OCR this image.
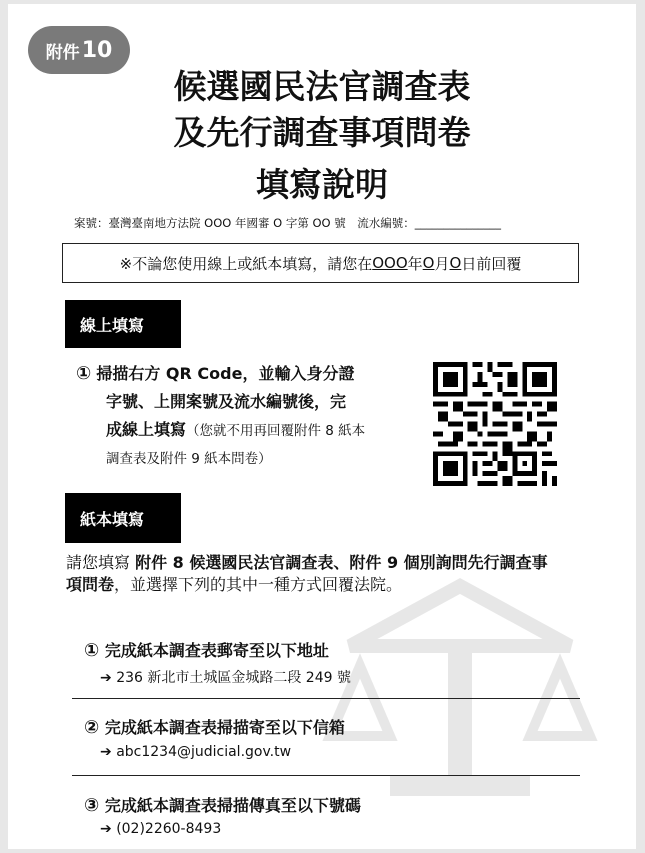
附件 10
候選國民法官調查表
及先行調查事項問卷
填寫說明
案號：臺灣臺南地方法院 OOO 年國審 O 字第 OO 號　流水編號：_______________
※不論您使用線上或紙本填寫，請您在 OOO 年 O 月 O 日前回覆
線上填寫
① 掃描右方 QR Code，並輸入身分證
字號、上開案號及流水編號後，完
成線上填寫（您就不用再回覆附件 8 紙本
調查表及附件 9 紙本問卷）
紙本填寫
請您填寫 附件 8 候選國民法官調查表、附件 9 個別詢問先行調查事項問卷，並選擇下列的其中一種方式回覆法院。
① 完成紙本調查表郵寄至以下地址
➔ 236 新北市土城區金城路二段 249 號
② 完成紙本調查表掃描寄至以下信箱
➔ abc1234@judicial.gov.tw
③ 完成紙本調查表掃描傳真至以下號碼
➔ (02)2260-8493
